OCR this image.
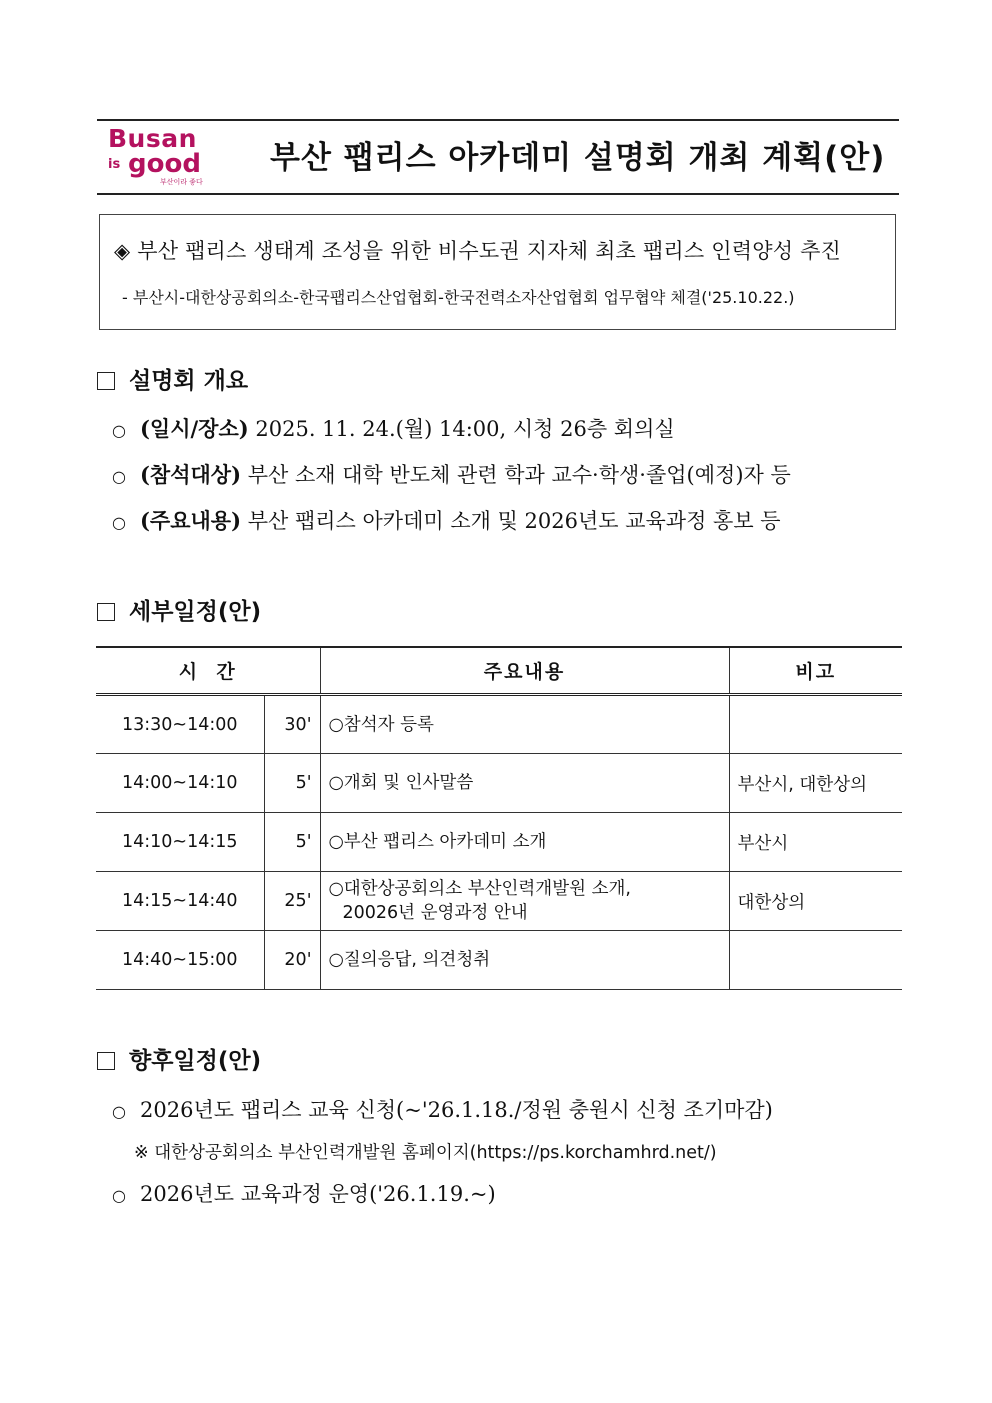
Busan
is good
부산이라 좋다
부산 팹리스 아카데미 설명회 개최 계획(안)
◈ 부산 팹리스 생태계 조성을 위한 비수도권 지자체 최초 팹리스 인력양성 추진
- 부산시-대한상공회의소-한국팹리스산업협회-한국전력소자산업협회 업무협약 체결('25.10.22.)
설명회 개요
○ (일시/장소) 2025. 11. 24.(월) 14:00, 시청 26층 회의실
○ (참석대상) 부산 소재 대학 반도체 관련 학과 교수·학생·졸업(예정)자 등
○ (주요내용) 부산 팹리스 아카데미 소개 및 2026년도 교육과정 홍보 등
세부일정(안)
시  간		주요내용	비고
13:30~14:00	30'	○참석자 등록	
14:00~14:10	5'	○개회 및 인사말씀	부산시, 대한상의
14:10~14:15	5'	○부산 팹리스 아카데미 소개	부산시
14:15~14:40	25'	○대한상공회의소 부산인력개발원 소개,
20026년 운영과정 안내	대한상의
14:40~15:00	20'	○질의응답, 의견청취	
향후일정(안)
○ 2026년도 팹리스 교육 신청(~'26.1.18./정원 충원시 신청 조기마감)
※ 대한상공회의소 부산인력개발원 홈페이지(https://ps.korchamhrd.net/)
○ 2026년도 교육과정 운영('26.1.19.~)
